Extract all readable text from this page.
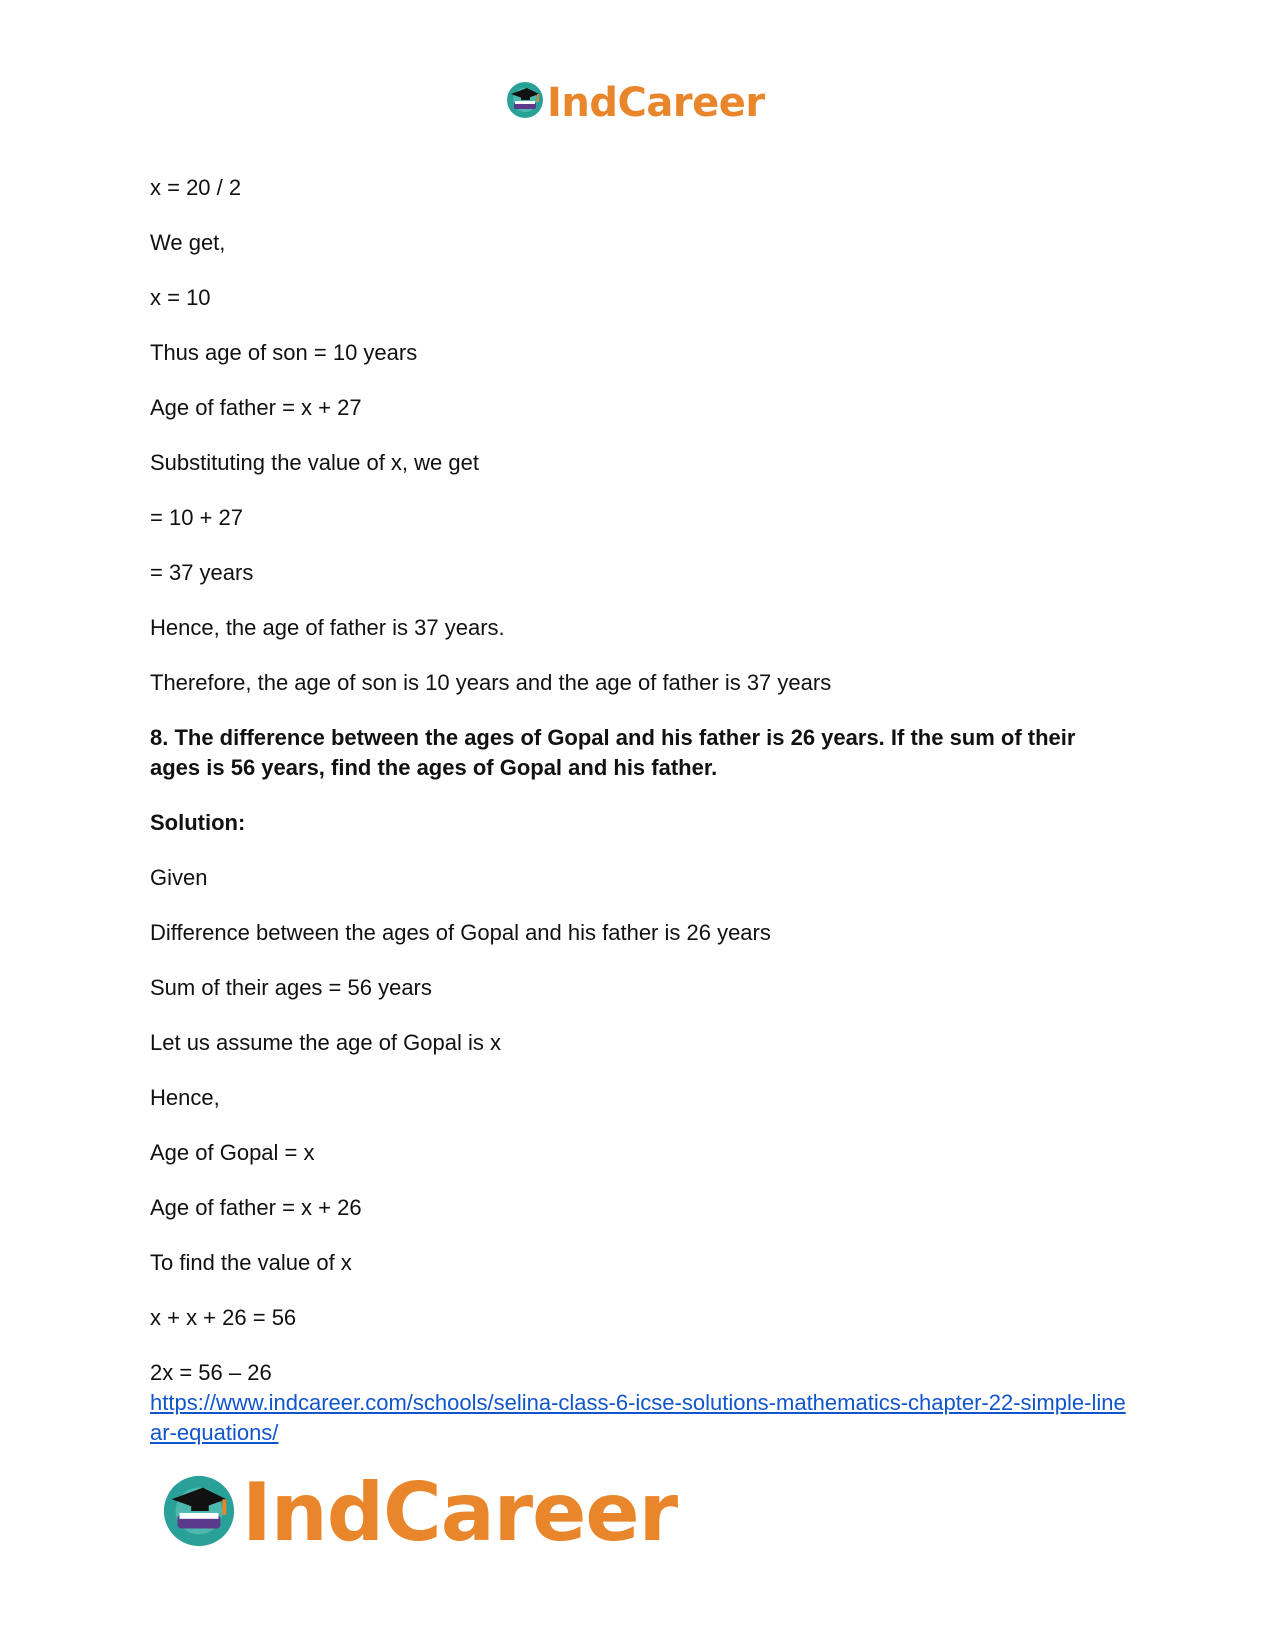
IndCareer
x = 20 / 2
We get,
x = 10
Thus age of son = 10 years
Age of father = x + 27
Substituting the value of x, we get
= 10 + 27
= 37 years
Hence, the age of father is 37 years.
Therefore, the age of son is 10 years and the age of father is 37 years
8. The difference between the ages of Gopal and his father is 26 years. If the sum of their ages is 56 years, find the ages of Gopal and his father.
Solution:
Given
Difference between the ages of Gopal and his father is 26 years
Sum of their ages = 56 years
Let us assume the age of Gopal is x
Hence,
Age of Gopal = x
Age of father = x + 26
To find the value of x
x + x + 26 = 56
2x = 56 – 26
https://www.indcareer.com/schools/selina-class-6-icse-solutions-mathematics-chapter-22-simple-linear-equations/
IndCareer
